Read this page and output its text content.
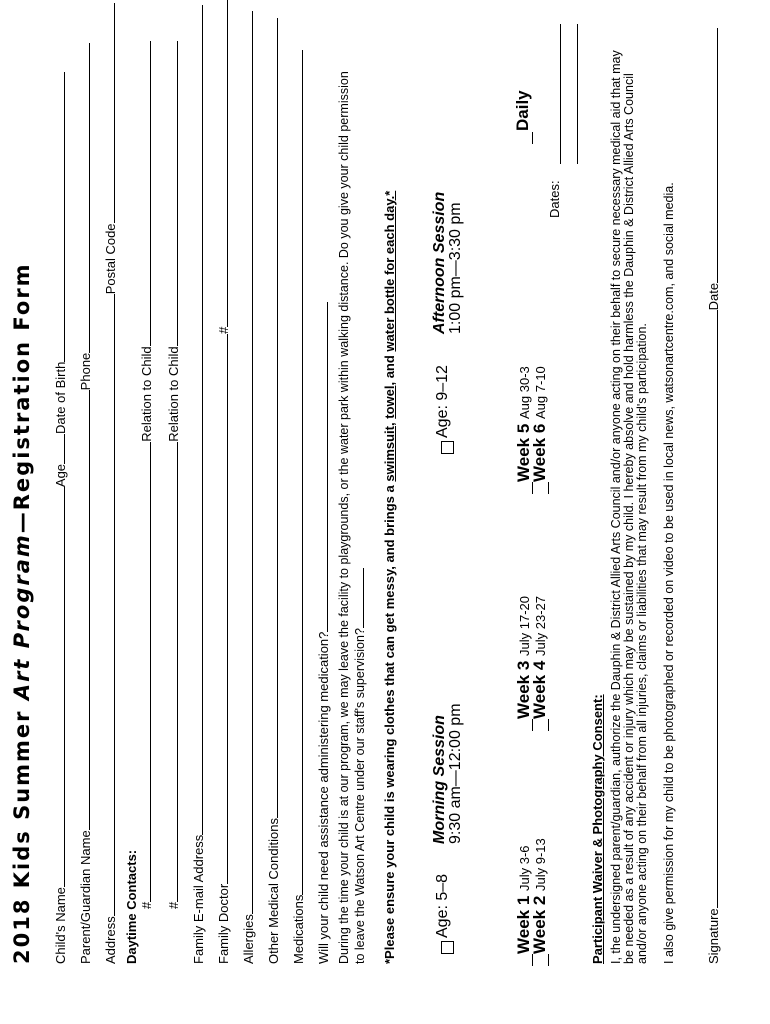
2018 Kids Summer Art Program—Registration Form
Child's NameAgeDate of Birth
Parent/Guardian NamePhone
AddressPostal Code
Daytime Contacts: #Relation to Child
#Relation to Child
Family E-mail Address Family Doctor#
Allergies Other Medical Conditions Medications Will your child need assistance administering medication? During the time your child is at our program, we may leave the facility to playgrounds, or the water park within walking distance. Do you give your child permission to leave the Watson Art Centre under our staff's supervision? *Please ensure your child is wearing clothes that can get messy, and brings a swimsuit, towel, and water bottle for each day.*
Age: 5–8
Morning Session 9:30 am—12:00 pm
Age: 9–12
Afternoon Session 1:00 pm—3:30 pm
Week 1 July 3-6
Week 2 July 9-13
Week 3 July 17-20
Week 4 July 23-27
Week 5 Aug 30-3
Week 6 Aug 7-10
Daily
Dates:
Participant Waiver & Photography Consent: I, the undersigned parent/guardian, authorize the Dauphin & District Allied Arts Council and/or anyone acting on their behalf to secure necessary medical aid that may be needed as a result of any accident or injury which may be sustained by my child. I hereby absolve and hold harmless the Dauphin & District Allied Arts Council and/or anyone acting on their behalf from all injuries, claims or liabilities that may result from my child's participation. I also give permission for my child to be photographed or recorded on video to be used in local news, watsonartcentre.com, and social media. SignatureDate
